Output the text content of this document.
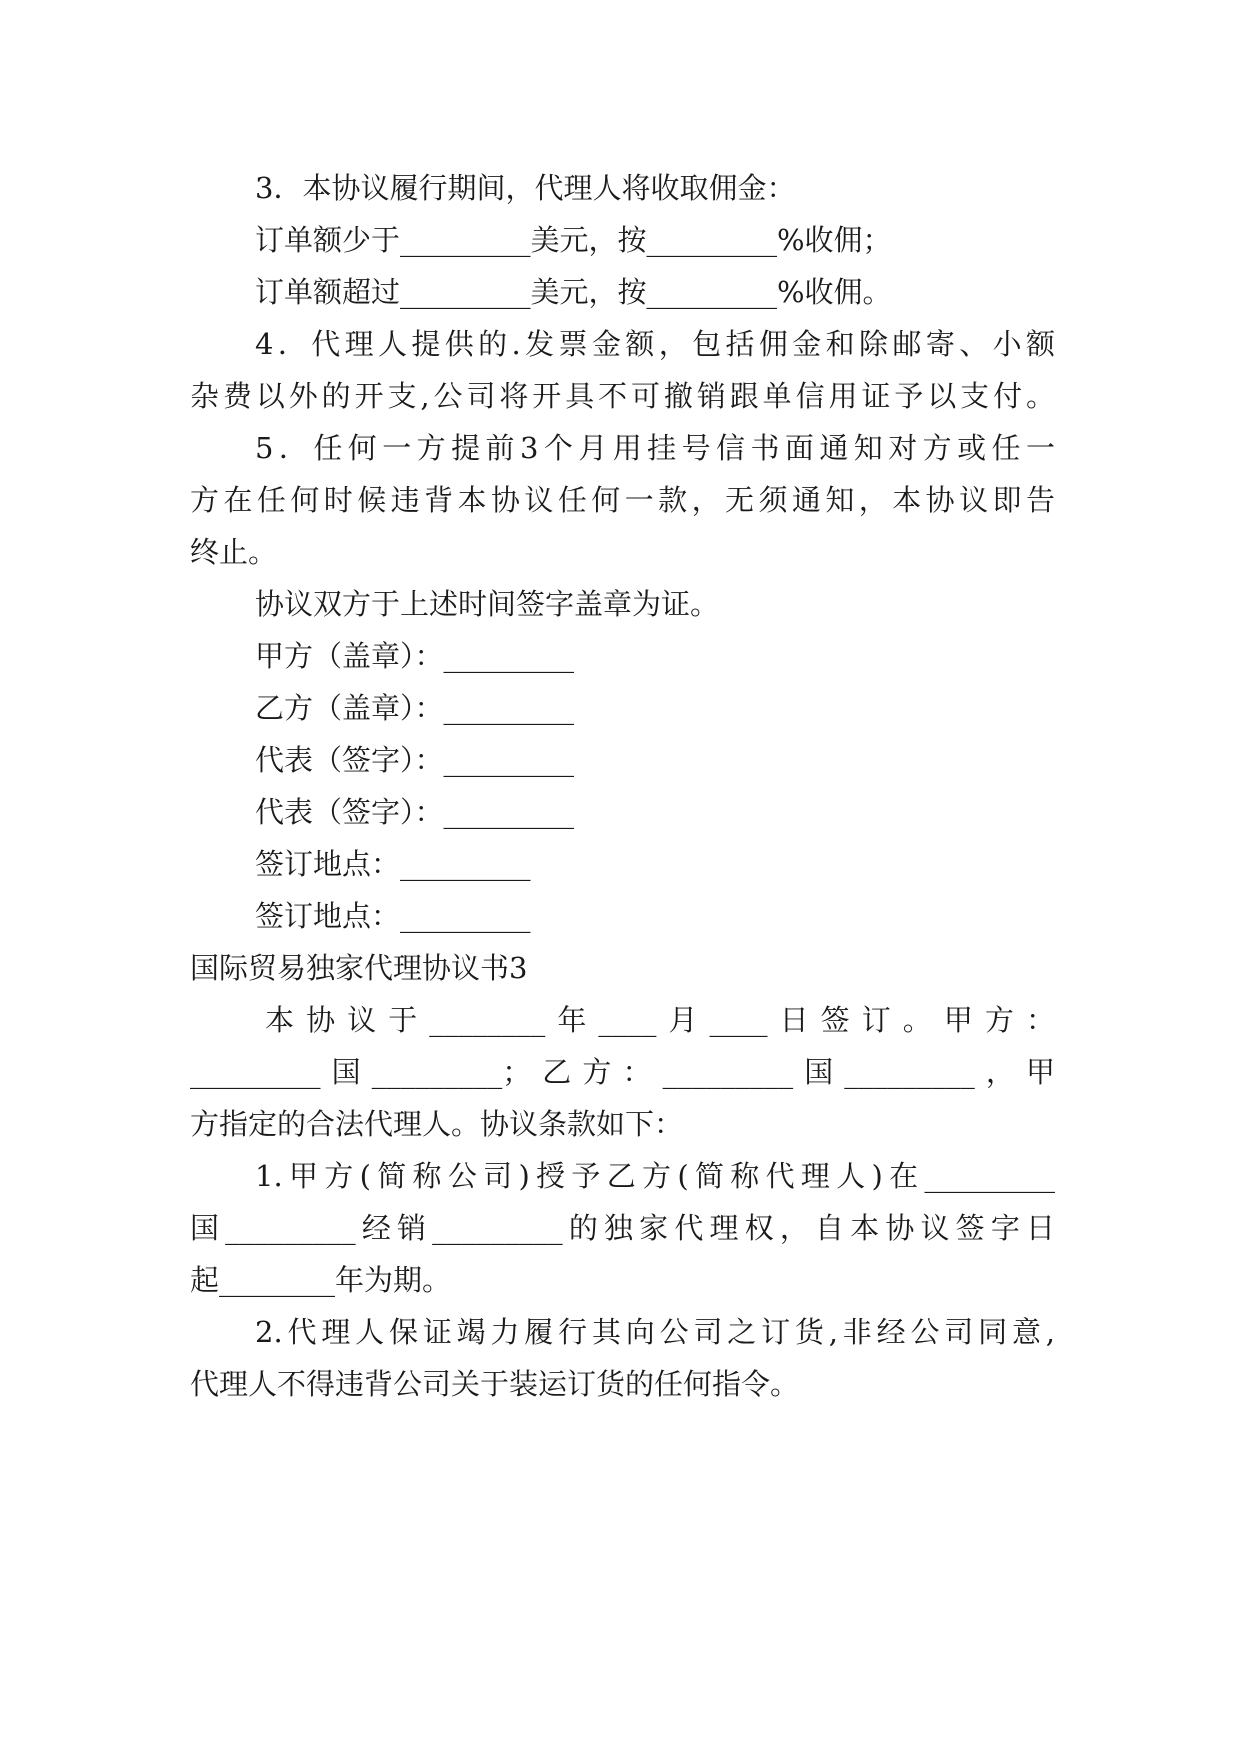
3．本协议履行期间，代理人将收取佣金：
订单额少于_________美元，按_________%收佣；
订单额超过_________美元，按_________%收佣。
4．代理人提供的.发票金额，包括佣金和除邮寄、小额
杂费以外的开支,公司将开具不可撤销跟单信用证予以支付。
5．任何一方提前3个月用挂号信书面通知对方或任一
方在任何时候违背本协议任何一款，无须通知，本协议即告
终止。
协议双方于上述时间签字盖章为证。
甲方（盖章）：_________
乙方（盖章）：_________
代表（签字）：_________
代表（签字）：_________
签订地点：_________
签订地点：_________
国际贸易独家代理协议书3
本协议于________年____月____日签订。甲方：
_________国_________；乙方：_________国_________，甲
方指定的合法代理人。协议条款如下：
1.甲方(简称公司)授予乙方(简称代理人)在_________
国_________经销_________的独家代理权，自本协议签字日
起________年为期。
2.代理人保证竭力履行其向公司之订货,非经公司同意,
代理人不得违背公司关于装运订货的任何指令。
